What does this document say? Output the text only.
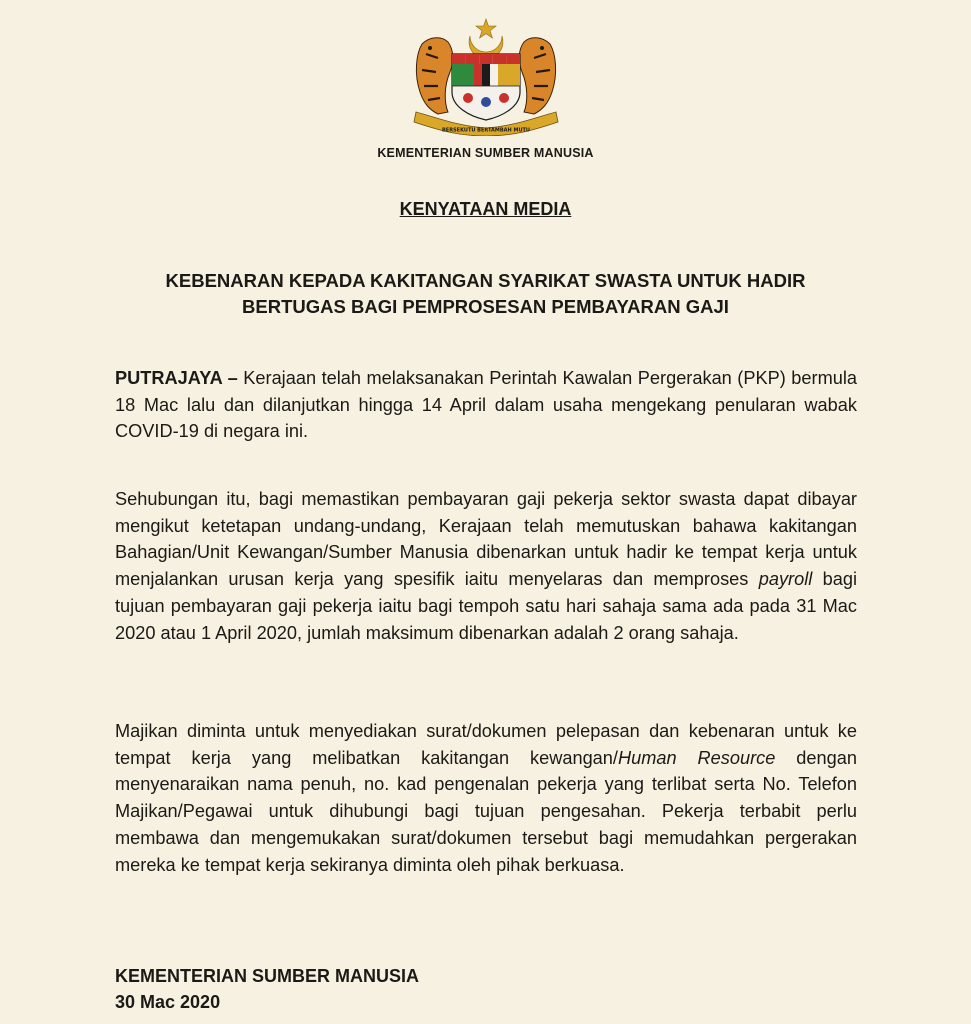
BERSEKUTU BERTAMBAH MUTU
KEMENTERIAN SUMBER MANUSIA
KENYATAAN MEDIA
KEBENARAN KEPADA KAKITANGAN SYARIKAT SWASTA UNTUK HADIR
BERTUGAS BAGI PEMPROSESAN PEMBAYARAN GAJI

PUTRAJAYA – Kerajaan telah melaksanakan Perintah Kawalan Pergerakan (PKP) bermula 18 Mac lalu dan dilanjutkan hingga 14 April dalam usaha mengekang penularan wabak COVID-19 di negara ini.

Sehubungan itu, bagi memastikan pembayaran gaji pekerja sektor swasta dapat dibayar mengikut ketetapan undang-undang, Kerajaan telah memutuskan bahawa kakitangan Bahagian/Unit Kewangan/Sumber Manusia dibenarkan untuk hadir ke tempat kerja untuk menjalankan urusan kerja yang spesifik iaitu menyelaras dan memproses payroll bagi tujuan pembayaran gaji pekerja iaitu bagi tempoh satu hari sahaja sama ada pada 31 Mac 2020 atau 1 April 2020, jumlah maksimum dibenarkan adalah 2 orang sahaja.

Majikan diminta untuk menyediakan surat/dokumen pelepasan dan kebenaran untuk ke tempat kerja yang melibatkan kakitangan kewangan/Human Resource dengan menyenaraikan nama penuh, no. kad pengenalan pekerja yang terlibat serta No. Telefon Majikan/Pegawai untuk dihubungi bagi tujuan pengesahan. Pekerja terbabit perlu membawa dan mengemukakan surat/dokumen tersebut bagi memudahkan pergerakan mereka ke tempat kerja sekiranya diminta oleh pihak berkuasa.

KEMENTERIAN SUMBER MANUSIA
30 Mac 2020
